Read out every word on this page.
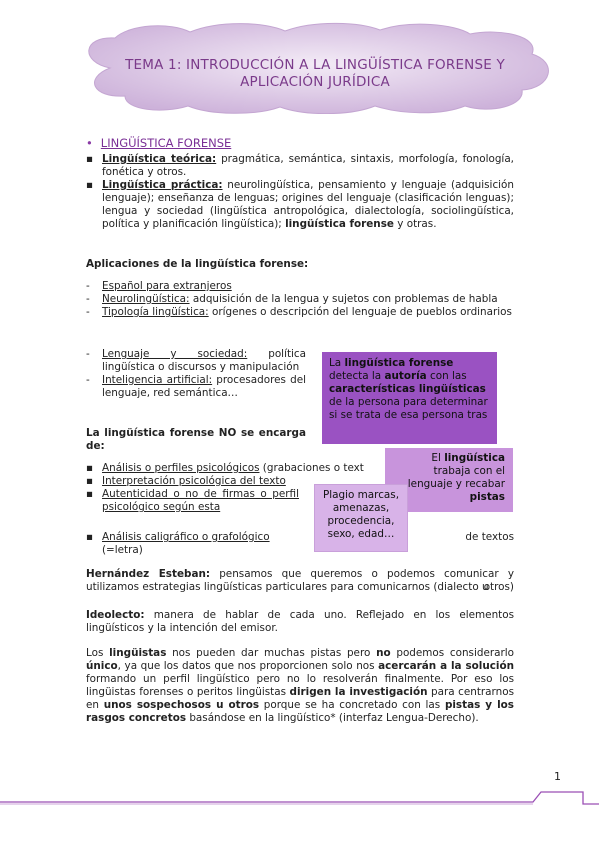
TEMA 1: INTRODUCCIÓN A LA LINGÜÍSTICA FORENSE Y
APLICACIÓN JURÍDICA
• LINGÜÍSTICA FORENSE
▪ Lingüística teórica: pragmática, semántica, sintaxis, morfología, fonología, fonética y otros.
▪ Lingüística práctica: neurolingüística, pensamiento y lenguaje (adquisición lenguaje); enseñanza de lenguas; origines del lenguaje (clasificación lenguas); lengua y sociedad (lingüística antropológica, dialectología, sociolingüística, política y planificación lingüística); lingüística forense y otras.
Aplicaciones de la lingüística forense:
- Español para extranjeros
- Neurolingüística: adquisición de la lengua y sujetos con problemas de habla
- Tipología lingüística: orígenes o descripción del lenguaje de pueblos ordinarios
- Lenguaje y sociedad: política lingüística o discursos y manipulación
- Inteligencia artificial: procesadores del lenguaje, red semántica…
La lingüística forense NO se encarga de:
▪ Análisis o perfiles psicológicos (grabaciones o text
▪ Interpretación psicológica del texto
▪ Autenticidad o no de firmas o perfil psicológico según esta
▪ Análisis caligráfico o grafológico	de textos
(=letra)
La lingüística forense detecta la autoría con las características lingüísticas de la persona para determinar si se trata de esa persona tras
El lingüística trabaja con el lenguaje y recabar pistas
Plagio marcas, amenazas, procedencia, sexo, edad…
Hernández Esteban: pensamos que queremos o podemos comunicar y utilizamos estrategias lingüísticas particulares para comunicarnos (dialecto u
otros)
Ideolecto: manera de hablar de cada uno. Reflejado en los elementos lingüísticos y la intención del emisor.
Los lingüistas nos pueden dar muchas pistas pero no podemos considerarlo único, ya que los datos que nos proporcionen solo nos acercarán a la solución formando un perfil lingüístico pero no lo resolverán finalmente. Por eso los lingüistas forenses o peritos lingüistas dirigen la investigación para centrarnos en unos sospechosos u otros porque se ha concretado con las pistas y los rasgos concretos basándose en la lingüístico* (interfaz Lengua-Derecho).
1
